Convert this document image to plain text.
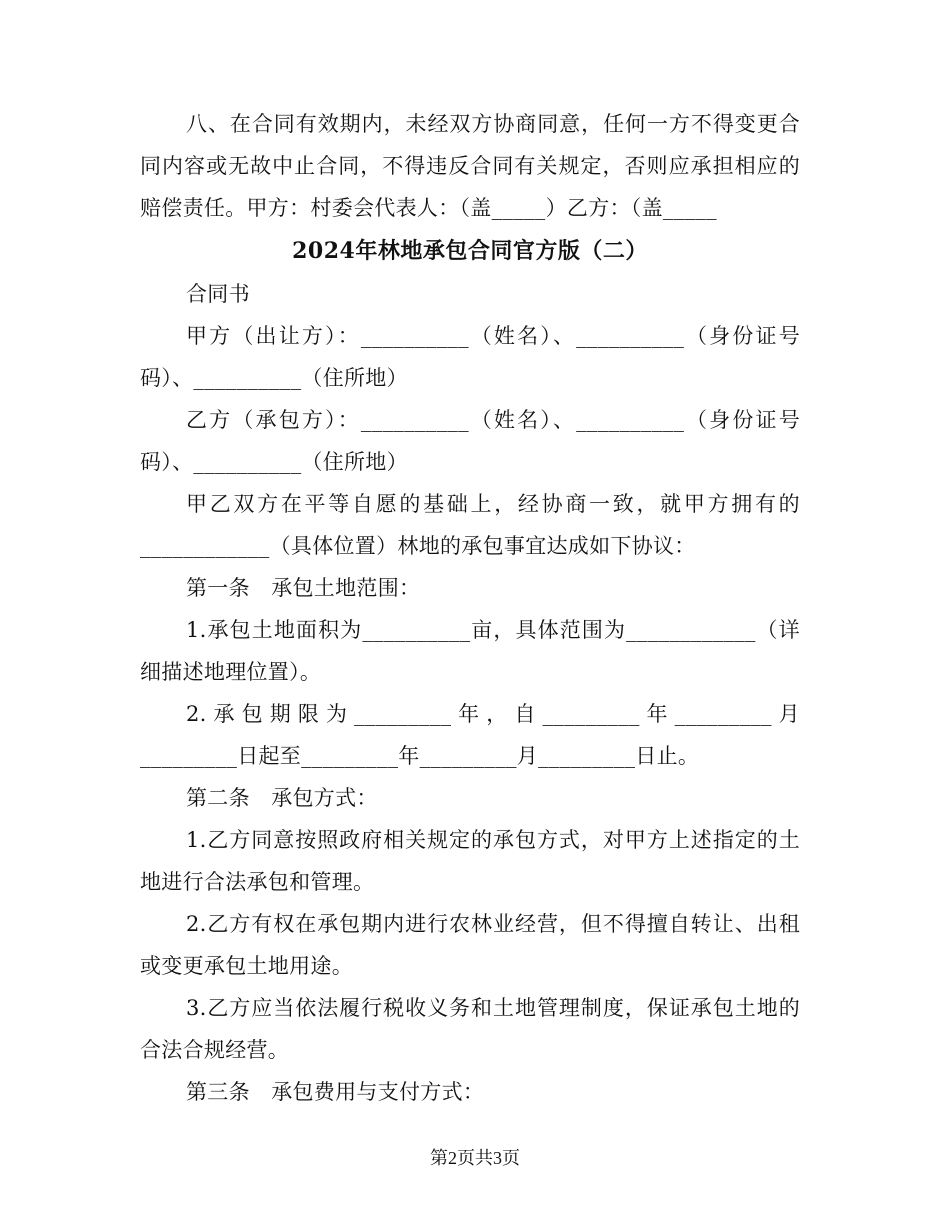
八、在合同有效期内，未经双方协商同意，任何一方不得变更合同内容或无故中止合同，不得违反合同有关规定，否则应承担相应的赔偿责任。甲方：村委会代表人：（盖_____）乙方：（盖_____

2024年林地承包合同官方版（二）

合同书

甲方（出让方）：__________（姓名）、__________（身份证号码）、__________（住所地）

乙方（承包方）：__________（姓名）、__________（身份证号码）、__________（住所地）

甲乙双方在平等自愿的基础上，经协商一致，就甲方拥有的____________（具体位置）林地的承包事宜达成如下协议：

第一条　承包土地范围：

1.承包土地面积为__________亩，具体范围为____________（详细描述地理位置）。

2.承包期限为_________年，自_________年_________月_________日起至_________年_________月_________日止。

第二条　承包方式：

1.乙方同意按照政府相关规定的承包方式，对甲方上述指定的土地进行合法承包和管理。

2.乙方有权在承包期内进行农林业经营，但不得擅自转让、出租或变更承包土地用途。

3.乙方应当依法履行税收义务和土地管理制度，保证承包土地的合法合规经营。

第三条　承包费用与支付方式：

第2页共3页
